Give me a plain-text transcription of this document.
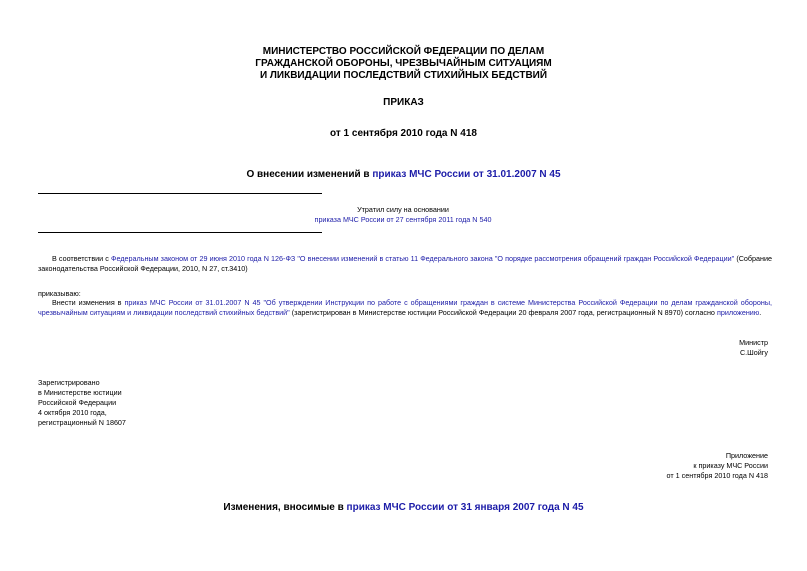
МИНИСТЕРСТВО РОССИЙСКОЙ ФЕДЕРАЦИИ ПО ДЕЛАМ
ГРАЖДАНСКОЙ ОБОРОНЫ, ЧРЕЗВЫЧАЙНЫМ СИТУАЦИЯМ
И ЛИКВИДАЦИИ ПОСЛЕДСТВИЙ СТИХИЙНЫХ БЕДСТВИЙ
ПРИКАЗ
от 1 сентября 2010 года N 418
О внесении изменений в приказ МЧС России от 31.01.2007 N 45
Утратил силу на основании
приказа МЧС России от 27 сентября 2011 года N 540
В соответствии с Федеральным законом от 29 июня 2010 года N 126-ФЗ "О внесении изменений в статью 11 Федерального закона "О порядке рассмотрения обращений граждан Российской Федерации" (Собрание законодательства Российской Федерации, 2010, N 27, ст.3410)
приказываю:
Внести изменения в приказ МЧС России от 31.01.2007 N 45 "Об утверждении Инструкции по работе с обращениями граждан в системе Министерства Российской Федерации по делам гражданской обороны, чрезвычайным ситуациям и ликвидации последствий стихийных бедствий" (зарегистрирован в Министерстве юстиции Российской Федерации 20 февраля 2007 года, регистрационный N 8970) согласно приложению.
Министр
С.Шойгу
Зарегистрировано
в Министерстве юстиции
Российской Федерации
4 октября 2010 года,
регистрационный N 18607
Приложение
к приказу МЧС России
от 1 сентября 2010 года N 418
Изменения, вносимые в приказ МЧС России от 31 января 2007 года N 45
